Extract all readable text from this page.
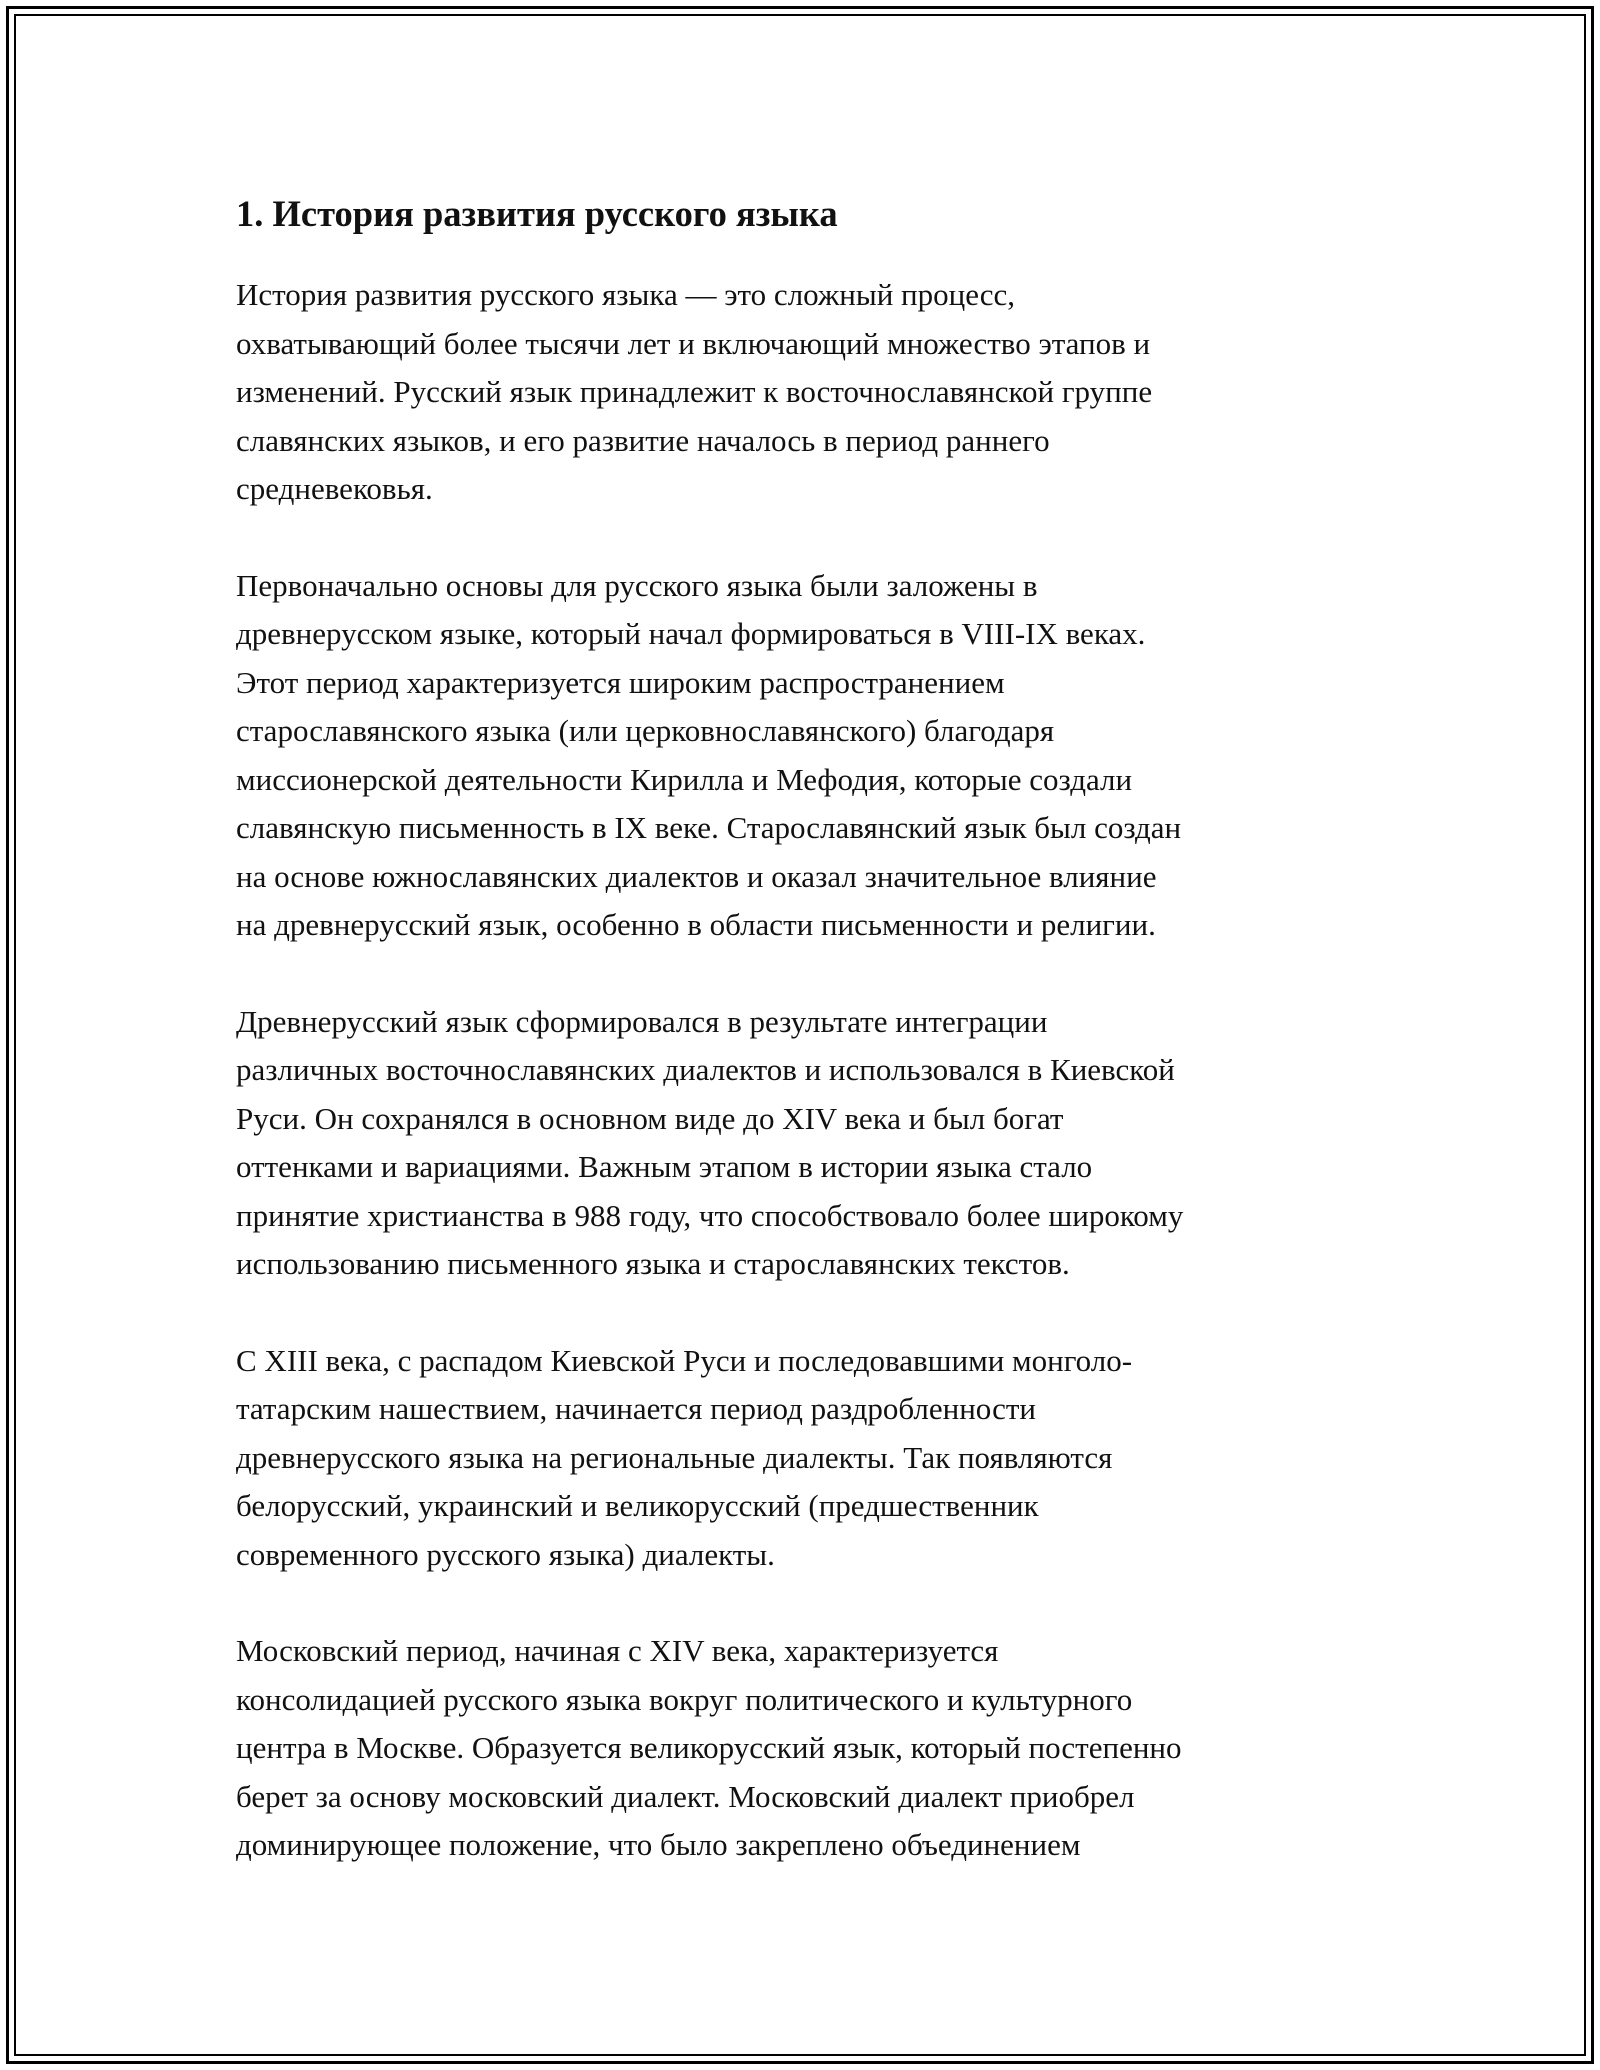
1. История развития русского языка

История развития русского языка — это сложный процесс,
охватывающий более тысячи лет и включающий множество этапов и
изменений. Русский язык принадлежит к восточнославянской группе
славянских языков, и его развитие началось в период раннего
средневековья.

Первоначально основы для русского языка были заложены в
древнерусском языке, который начал формироваться в VIII-IX веках.
Этот период характеризуется широким распространением
старославянского языка (или церковнославянского) благодаря
миссионерской деятельности Кирилла и Мефодия, которые создали
славянскую письменность в IX веке. Старославянский язык был создан
на основе южнославянских диалектов и оказал значительное влияние
на древнерусский язык, особенно в области письменности и религии.

Древнерусский язык сформировался в результате интеграции
различных восточнославянских диалектов и использовался в Киевской
Руси. Он сохранялся в основном виде до XIV века и был богат
оттенками и вариациями. Важным этапом в истории языка стало
принятие христианства в 988 году, что способствовало более широкому
использованию письменного языка и старославянских текстов.

С XIII века, с распадом Киевской Руси и последовавшими монголо-
татарским нашествием, начинается период раздробленности
древнерусского языка на региональные диалекты. Так появляются
белорусский, украинский и великорусский (предшественник
современного русского языка) диалекты.

Московский период, начиная с XIV века, характеризуется
консолидацией русского языка вокруг политического и культурного
центра в Москве. Образуется великорусский язык, который постепенно
берет за основу московский диалект. Московский диалект приобрел
доминирующее положение, что было закреплено объединением
